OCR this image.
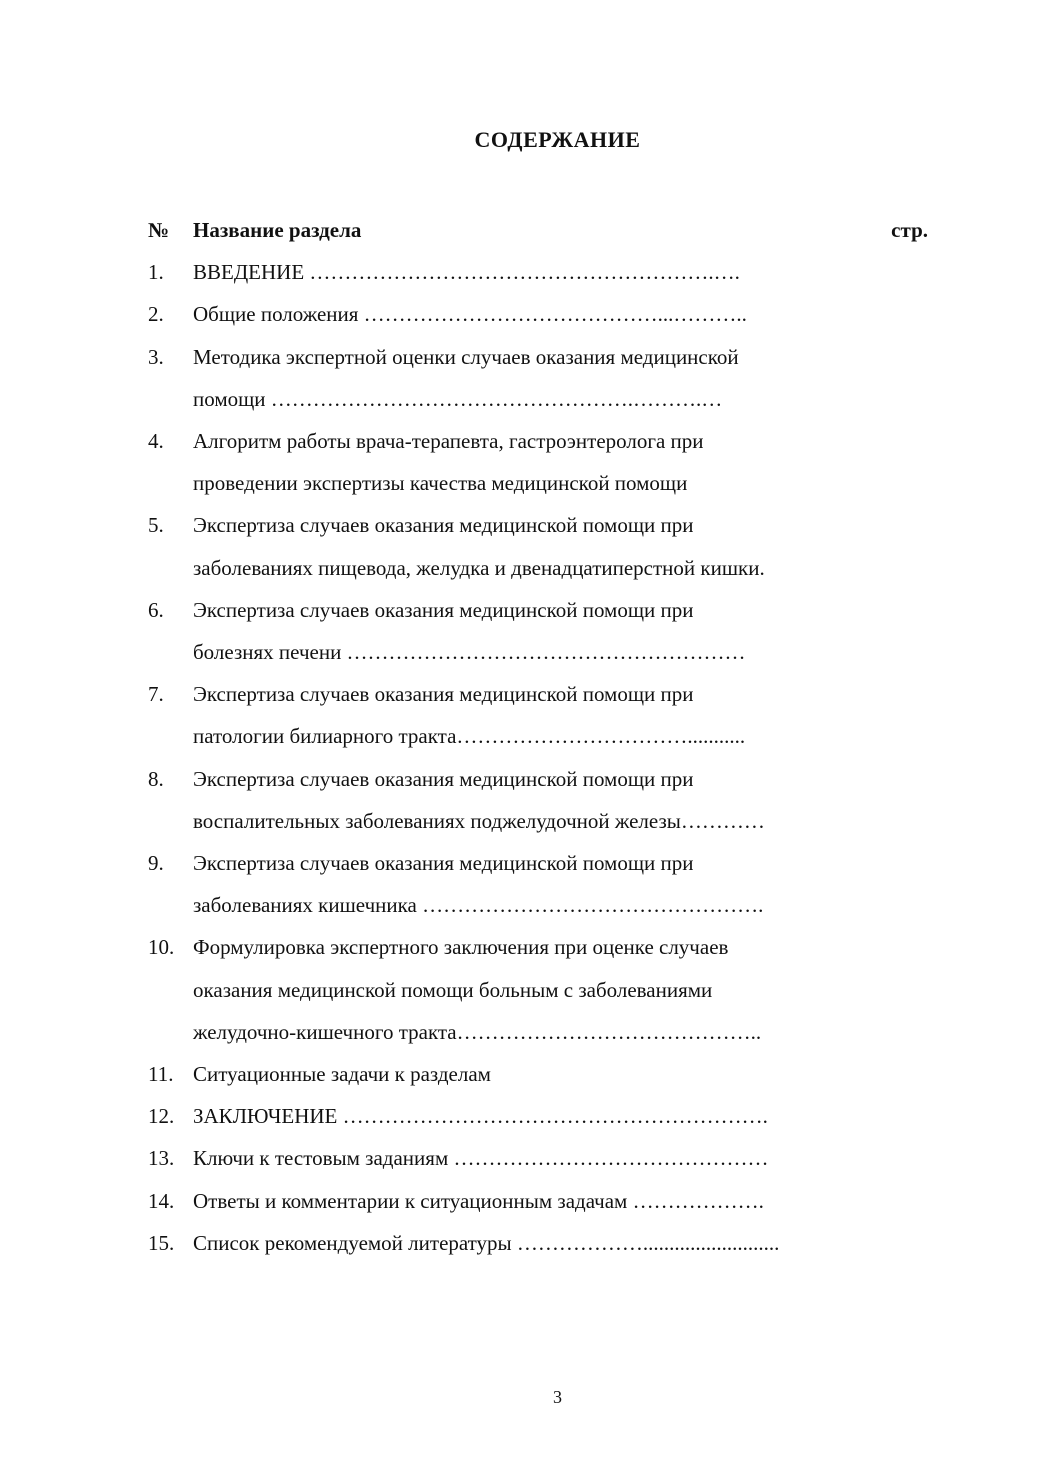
СОДЕРЖАНИЕ
№ Название раздела	стр.
1. ВВЕДЕНИЕ ………………………………………………….….
2. Общие положения ……………………………………...………..
3. Методика экспертной оценки случаев оказания медицинской
помощи …………………………………………….……….…
4. Алгоритм работы врача-терапевта, гастроэнтеролога при
проведении экспертизы качества медицинской помощи
5. Экспертиза случаев оказания медицинской помощи при
заболеваниях пищевода, желудка и двенадцатиперстной кишки.
6. Экспертиза случаев оказания медицинской помощи при
болезнях печени …………………………………………………
7. Экспертиза случаев оказания медицинской помощи при
патологии билиарного тракта……………………………...........
8. Экспертиза случаев оказания медицинской помощи при
воспалительных заболеваниях поджелудочной железы…………
9. Экспертиза случаев оказания медицинской помощи при
заболеваниях кишечника ………………………………………….
10. Формулировка экспертного заключения при оценке случаев
оказания медицинской помощи больным с заболеваниями
желудочно-кишечного тракта……………………………………..
11. Ситуационные задачи к разделам
12. ЗАКЛЮЧЕНИЕ …………………………………………………….
13. Ключи к тестовым заданиям ………………………………………
14. Ответы и комментарии к ситуационным задачам ……………….
15. Список рекомендуемой литературы ………………..........................
3
